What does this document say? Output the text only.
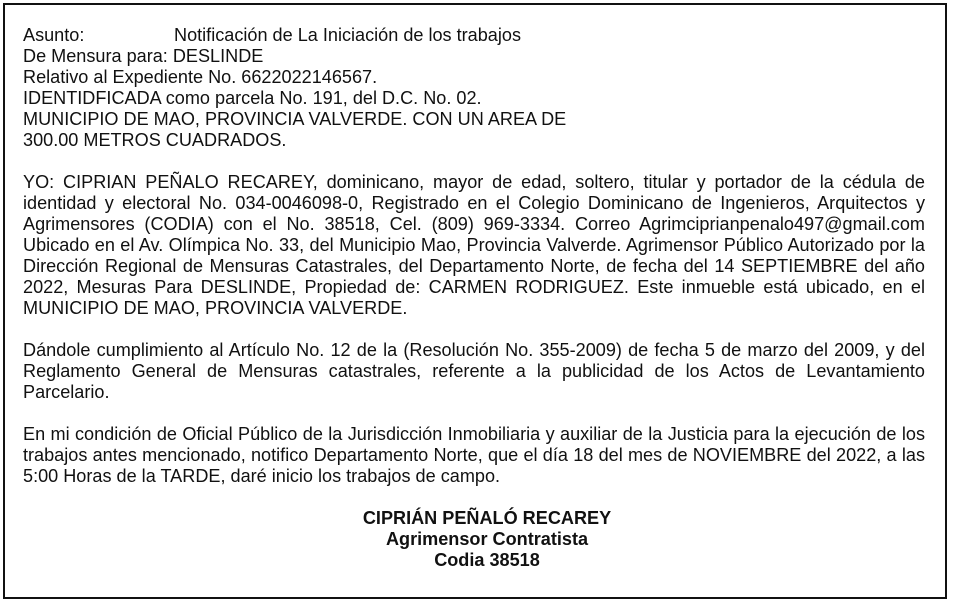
Asunto:	Notificación de La Iniciación de los trabajos
De Mensura para: DESLINDE
Relativo al Expediente No. 6622022146567.
IDENTIDFICADA como parcela No. 191, del D.C. No. 02.
MUNICIPIO DE MAO, PROVINCIA VALVERDE. CON UN AREA DE
300.00 METROS CUADRADOS.

YO: CIPRIAN PEÑALO RECAREY, dominicano, mayor de edad, soltero, titular y portador de la cédula de identidad y electoral No. 034-0046098-0, Registrado en el Colegio Dominicano de Ingenieros, Arquitectos y Agrimensores (CODIA) con el No. 38518, Cel. (809) 969-3334. Correo Agrimciprianpenalo497@gmail.com Ubicado en el Av. Olímpica No. 33, del Municipio Mao, Provincia Valverde. Agrimensor Público Autorizado por la Dirección Regional de Mensuras Catastrales, del Departamento Norte, de fecha del 14 SEPTIEMBRE del año 2022, Mesuras Para DESLINDE, Propiedad de: CARMEN RODRIGUEZ. Este inmueble está ubicado, en el MUNICIPIO DE MAO, PROVINCIA VALVERDE.

Dándole cumplimiento al Artículo No. 12 de la (Resolución No. 355-2009) de fecha 5 de marzo del 2009, y del Reglamento General de Mensuras catastrales, referente a la publicidad de los Actos de Levantamiento Parcelario.

En mi condición de Oficial Público de la Jurisdicción Inmobiliaria y auxiliar de la Justicia para la ejecución de los trabajos antes mencionado, notifico Departamento Norte, que el día 18 del mes de NOVIEMBRE del 2022, a las 5:00 Horas de la TARDE, daré inicio los trabajos de campo.

CIPRIÁN PEÑALÓ RECAREY
Agrimensor Contratista
Codia 38518
